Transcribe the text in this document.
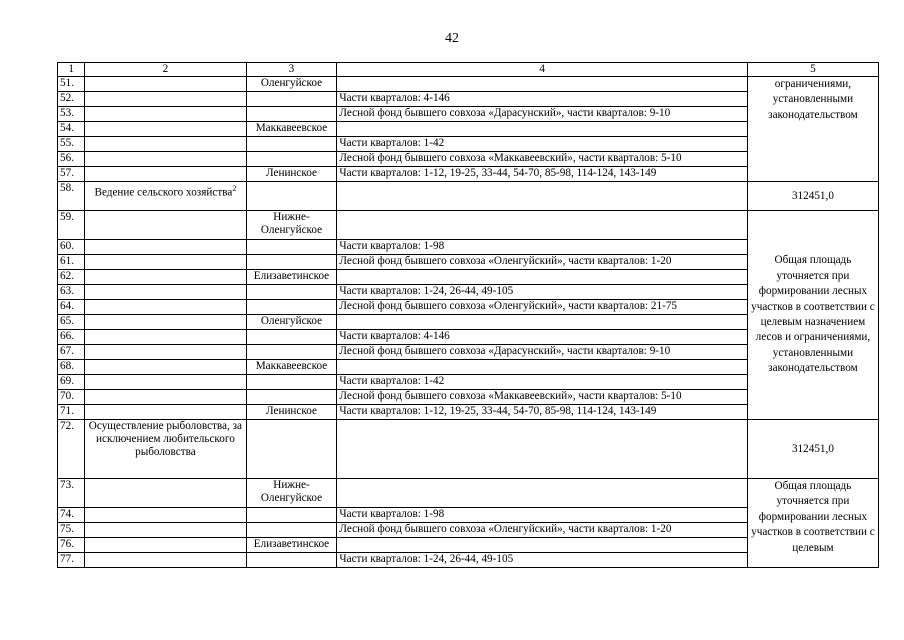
42
1	2	3	4	5
51.		Оленгуйское		ограничениями, установленными законодательством
52.			Части кварталов: 4-146	
53.			Лесной фонд бывшего совхоза «Дарасунский», части кварталов: 9-10	
54.		Маккавеевское		
55.			Части кварталов: 1-42	
56.			Лесной фонд бывшего совхоза «Маккавеевский», части кварталов: 5-10	
57.		Ленинское	Части кварталов: 1-12, 19-25, 33-44, 54-70, 85-98, 114-124, 143-149	
58.	Ведение сельского хозяйства$^2$			312451,0
59.		Нижне-Оленгуйское		Общая площадь уточняется при формировании лесных участков в соответствии с целевым назначением лесов и ограничениями, установленными законодательством
60.			Части кварталов: 1-98	
61.			Лесной фонд бывшего совхоза «Оленгуйский», части кварталов: 1-20	
62.		Елизаветинское		
63.			Части кварталов: 1-24, 26-44, 49-105	
64.			Лесной фонд бывшего совхоза «Оленгуйский», части кварталов: 21-75	
65.		Оленгуйское		
66.			Части кварталов: 4-146	
67.			Лесной фонд бывшего совхоза «Дарасунский», части кварталов: 9-10	
68.		Маккавеевское		
69.			Части кварталов: 1-42	
70.			Лесной фонд бывшего совхоза «Маккавеевский», части кварталов: 5-10	
71.		Ленинское	Части кварталов: 1-12, 19-25, 33-44, 54-70, 85-98, 114-124, 143-149	
72.	Осуществление рыболовства, за исключением любительского рыболовства			312451,0
73.		Нижне-Оленгуйское		Общая площадь уточняется при формировании лесных участков в соответствии с целевым
74.			Части кварталов: 1-98	
75.			Лесной фонд бывшего совхоза «Оленгуйский», части кварталов: 1-20	
76.		Елизаветинское		
77.			Части кварталов: 1-24, 26-44, 49-105	
